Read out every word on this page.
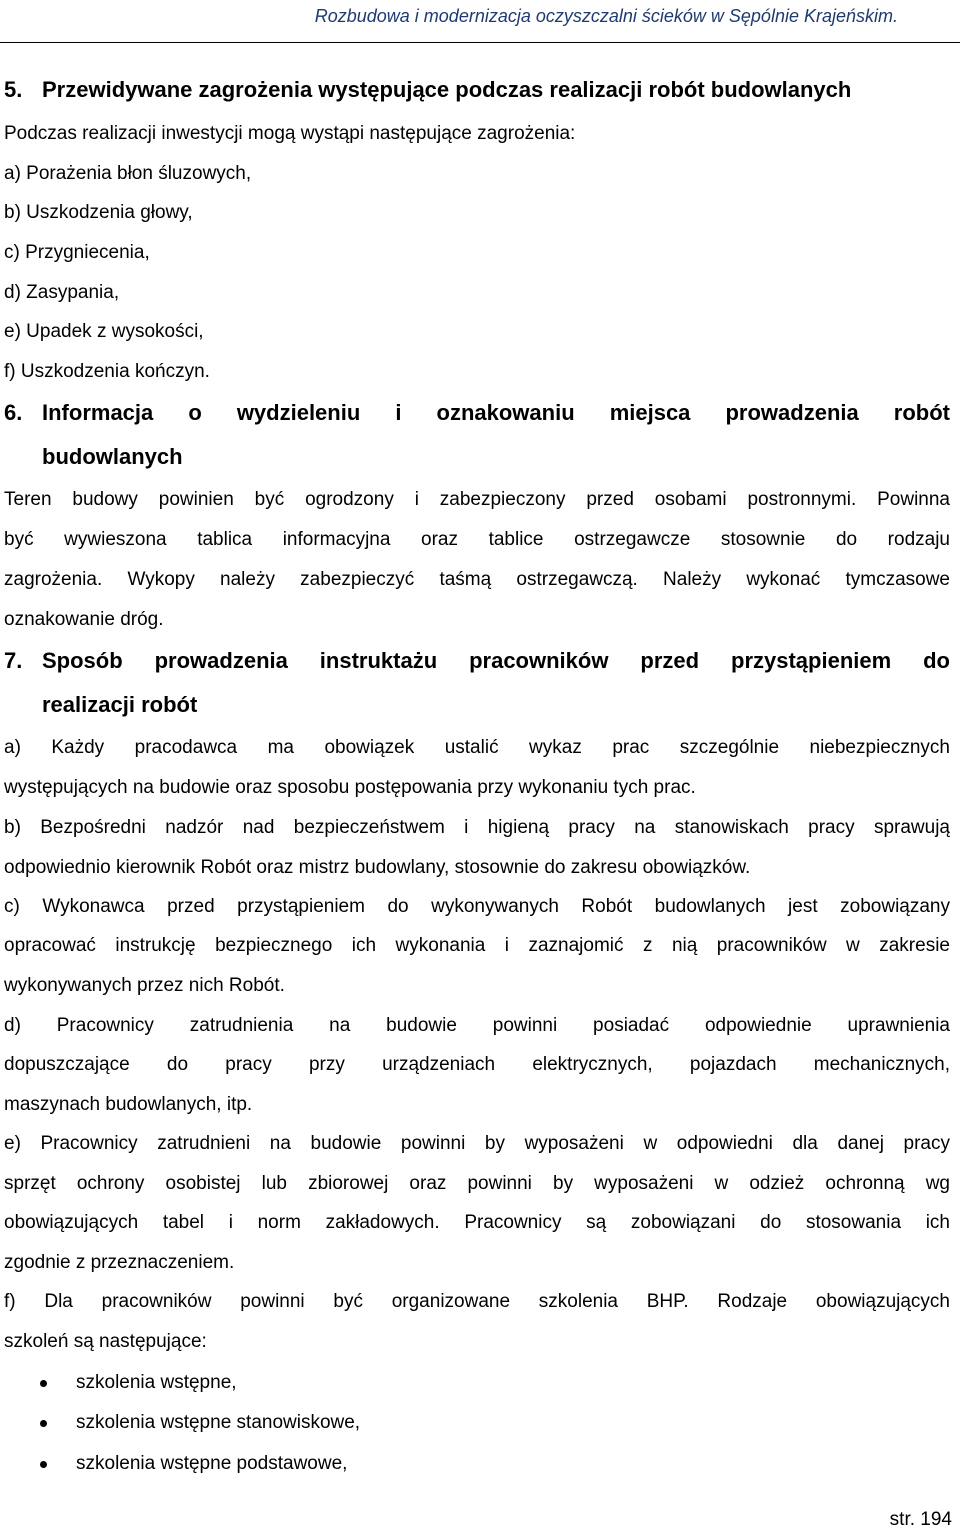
Rozbudowa i modernizacja oczyszczalni ścieków w Sępólnie Krajeńskim.
5. Przewidywane zagrożenia występujące podczas realizacji robót budowlanych
Podczas realizacji inwestycji mogą wystąpi następujące zagrożenia:
a) Porażenia błon śluzowych,
b) Uszkodzenia głowy,
c) Przygniecenia,
d) Zasypania,
e) Upadek z wysokości,
f) Uszkodzenia kończyn.
6. Informacja o wydzieleniu i oznakowaniu miejsca prowadzenia robót
budowlanych
Teren budowy powinien być ogrodzony i zabezpieczony przed osobami postronnymi. Powinna
być wywieszona tablica informacyjna oraz tablice ostrzegawcze stosownie do rodzaju
zagrożenia. Wykopy należy zabezpieczyć taśmą ostrzegawczą. Należy wykonać tymczasowe
oznakowanie dróg.
7. Sposób prowadzenia instruktażu pracowników przed przystąpieniem do
realizacji robót
a) Każdy pracodawca ma obowiązek ustalić wykaz prac szczególnie niebezpiecznych
występujących na budowie oraz sposobu postępowania przy wykonaniu tych prac.
b) Bezpośredni nadzór nad bezpieczeństwem i higieną pracy na stanowiskach pracy sprawują
odpowiednio kierownik Robót oraz mistrz budowlany, stosownie do zakresu obowiązków.
c) Wykonawca przed przystąpieniem do wykonywanych Robót budowlanych jest zobowiązany
opracować instrukcję bezpiecznego ich wykonania i zaznajomić z nią pracowników w zakresie
wykonywanych przez nich Robót.
d) Pracownicy zatrudnienia na budowie powinni posiadać odpowiednie uprawnienia
dopuszczające do pracy przy urządzeniach elektrycznych, pojazdach mechanicznych,
maszynach budowlanych, itp.
e) Pracownicy zatrudnieni na budowie powinni by wyposażeni w odpowiedni dla danej pracy
sprzęt ochrony osobistej lub zbiorowej oraz powinni by wyposażeni w odzież ochronną wg
obowiązujących tabel i norm zakładowych. Pracownicy są zobowiązani do stosowania ich
zgodnie z przeznaczeniem.
f) Dla pracowników powinni być organizowane szkolenia BHP. Rodzaje obowiązujących
szkoleń są następujące:
szkolenia wstępne,
szkolenia wstępne stanowiskowe,
szkolenia wstępne podstawowe,
str. 194
